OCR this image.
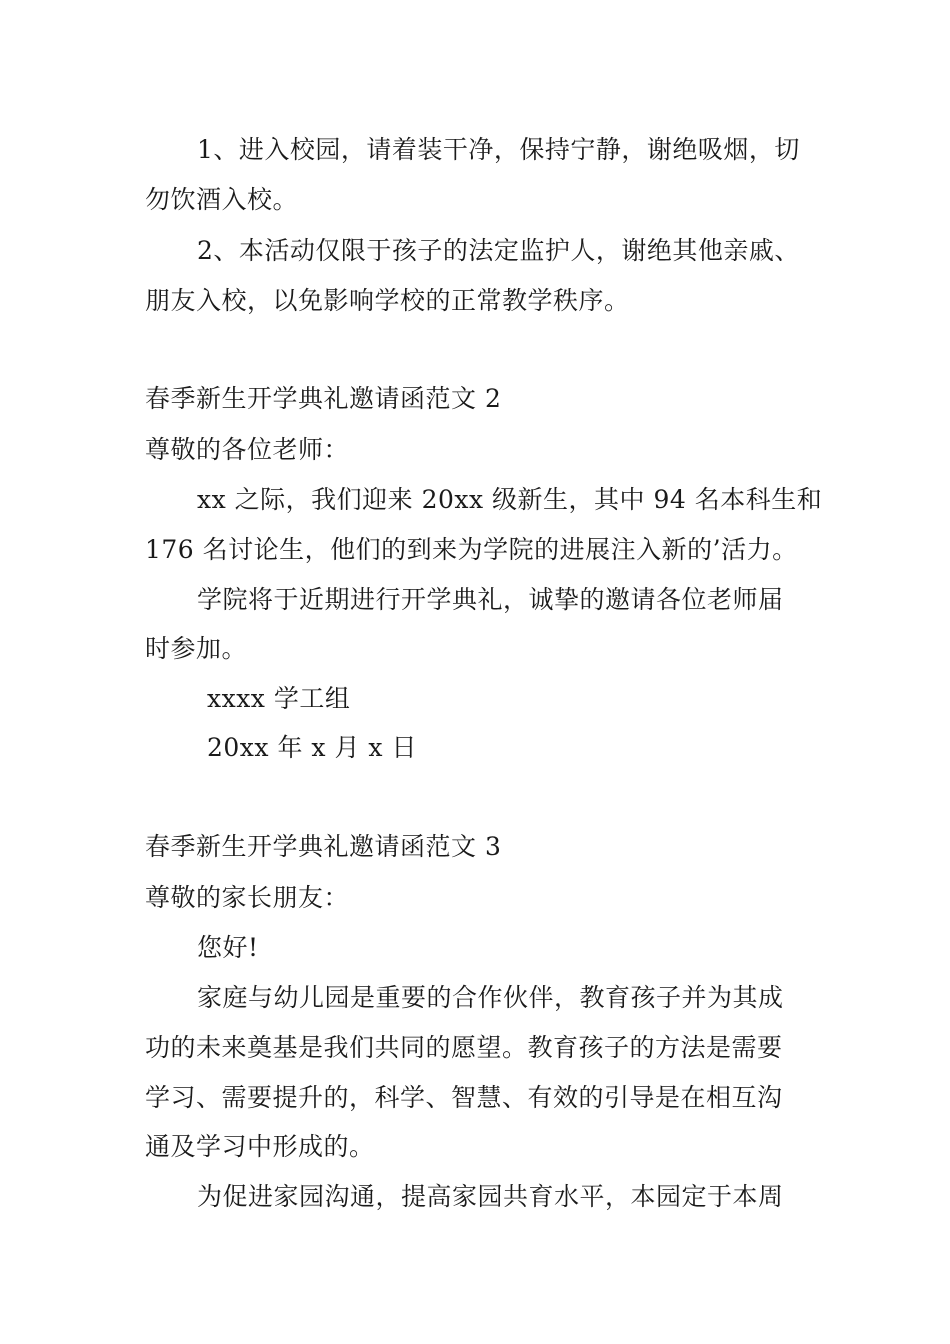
1、进入校园，请着装干净，保持宁静，谢绝吸烟，切
勿饮酒入校。
2、本活动仅限于孩子的法定监护人，谢绝其他亲戚、
朋友入校，以免影响学校的正常教学秩序。
春季新生开学典礼邀请函范文 2
尊敬的各位老师：
xx 之际，我们迎来 20xx 级新生，其中 94 名本科生和
176 名讨论生，他们的到来为学院的进展注入新的’活力。
学院将于近期进行开学典礼，诚挚的邀请各位老师届
时参加。
xxxx 学工组
20xx 年 x 月 x 日
春季新生开学典礼邀请函范文 3
尊敬的家长朋友：
您好!
家庭与幼儿园是重要的合作伙伴，教育孩子并为其成
功的未来奠基是我们共同的愿望。教育孩子的方法是需要
学习、需要提升的，科学、智慧、有效的引导是在相互沟
通及学习中形成的。
为促进家园沟通，提高家园共育水平，本园定于本周
